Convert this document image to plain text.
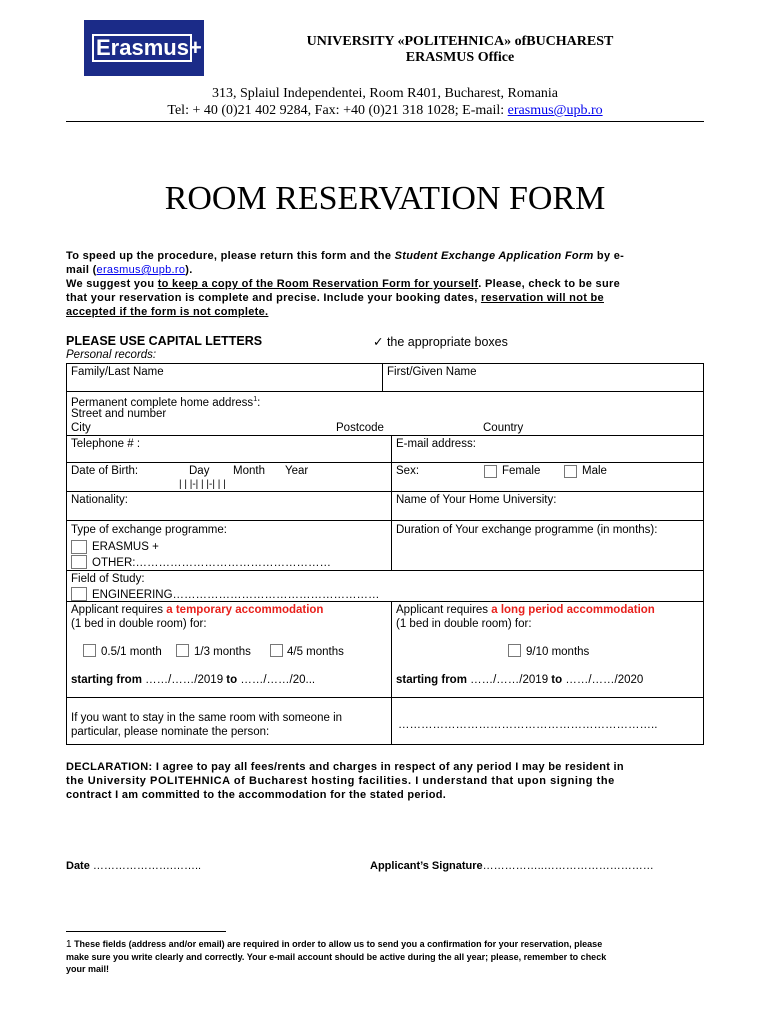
Erasmus+	UNIVERSITY «POLITEHNICA» ofBUCHAREST
ERASMUS Office
313, Splaiul Independentei, Room R401, Bucharest, Romania
Tel: + 40 (0)21 402 9284, Fax: +40 (0)21 318 1028; E-mail: erasmus@upb.ro
ROOM RESERVATION FORM
To speed up the procedure, please return this form and the Student Exchange Application Form by e-
mail (erasmus@upb.ro).
We suggest you to keep a copy of the Room Reservation Form for yourself. Please, check to be sure
that your reservation is complete and precise. Include your booking dates, reservation will not be
accepted if the form is not complete.
PLEASE USE CAPITAL LETTERS	✓ the appropriate boxes
Personal records:
Family/Last Name	First/Given Name
Permanent complete home address$^1$:
Street and number
City	Postcode	Country
Telephone # :	E-mail address:
Date of Birth:	Day Month Year
| | |-| | |-| | |
Sex:	Female	Male
Nationality:	Name of Your Home University:
Type of exchange programme:
ERASMUS +
OTHER:……………………………………………
Duration of Your exchange programme (in months):
Field of Study:
ENGINEERING………………………………………………
Applicant requires a temporary accommodation
(1 bed in double room) for:
0.5/1 month	1/3 months	4/5 months
starting from ……/……/2019 to ……/……/20...
Applicant requires a long period accommodation
(1 bed in double room) for:
9/10 months
starting from ……/……/2019 to ……/……/2020
If you want to stay in the same room with someone in
particular, please nominate the person:
…………………………………………………………..
DECLARATION: I agree to pay all fees/rents and charges in respect of any period I may be resident in
the University POLITEHNICA of Bucharest hosting facilities. I understand that upon signing the
contract I am committed to the accommodation for the stated period.
Date ………………….……..	Applicant’s Signature……………..…………………………
1 These fields (address and/or email) are required in order to allow us to send you a confirmation for your reservation, please
make sure you write clearly and correctly. Your e-mail account should be active during the all year; please, remember to check
your mail!
